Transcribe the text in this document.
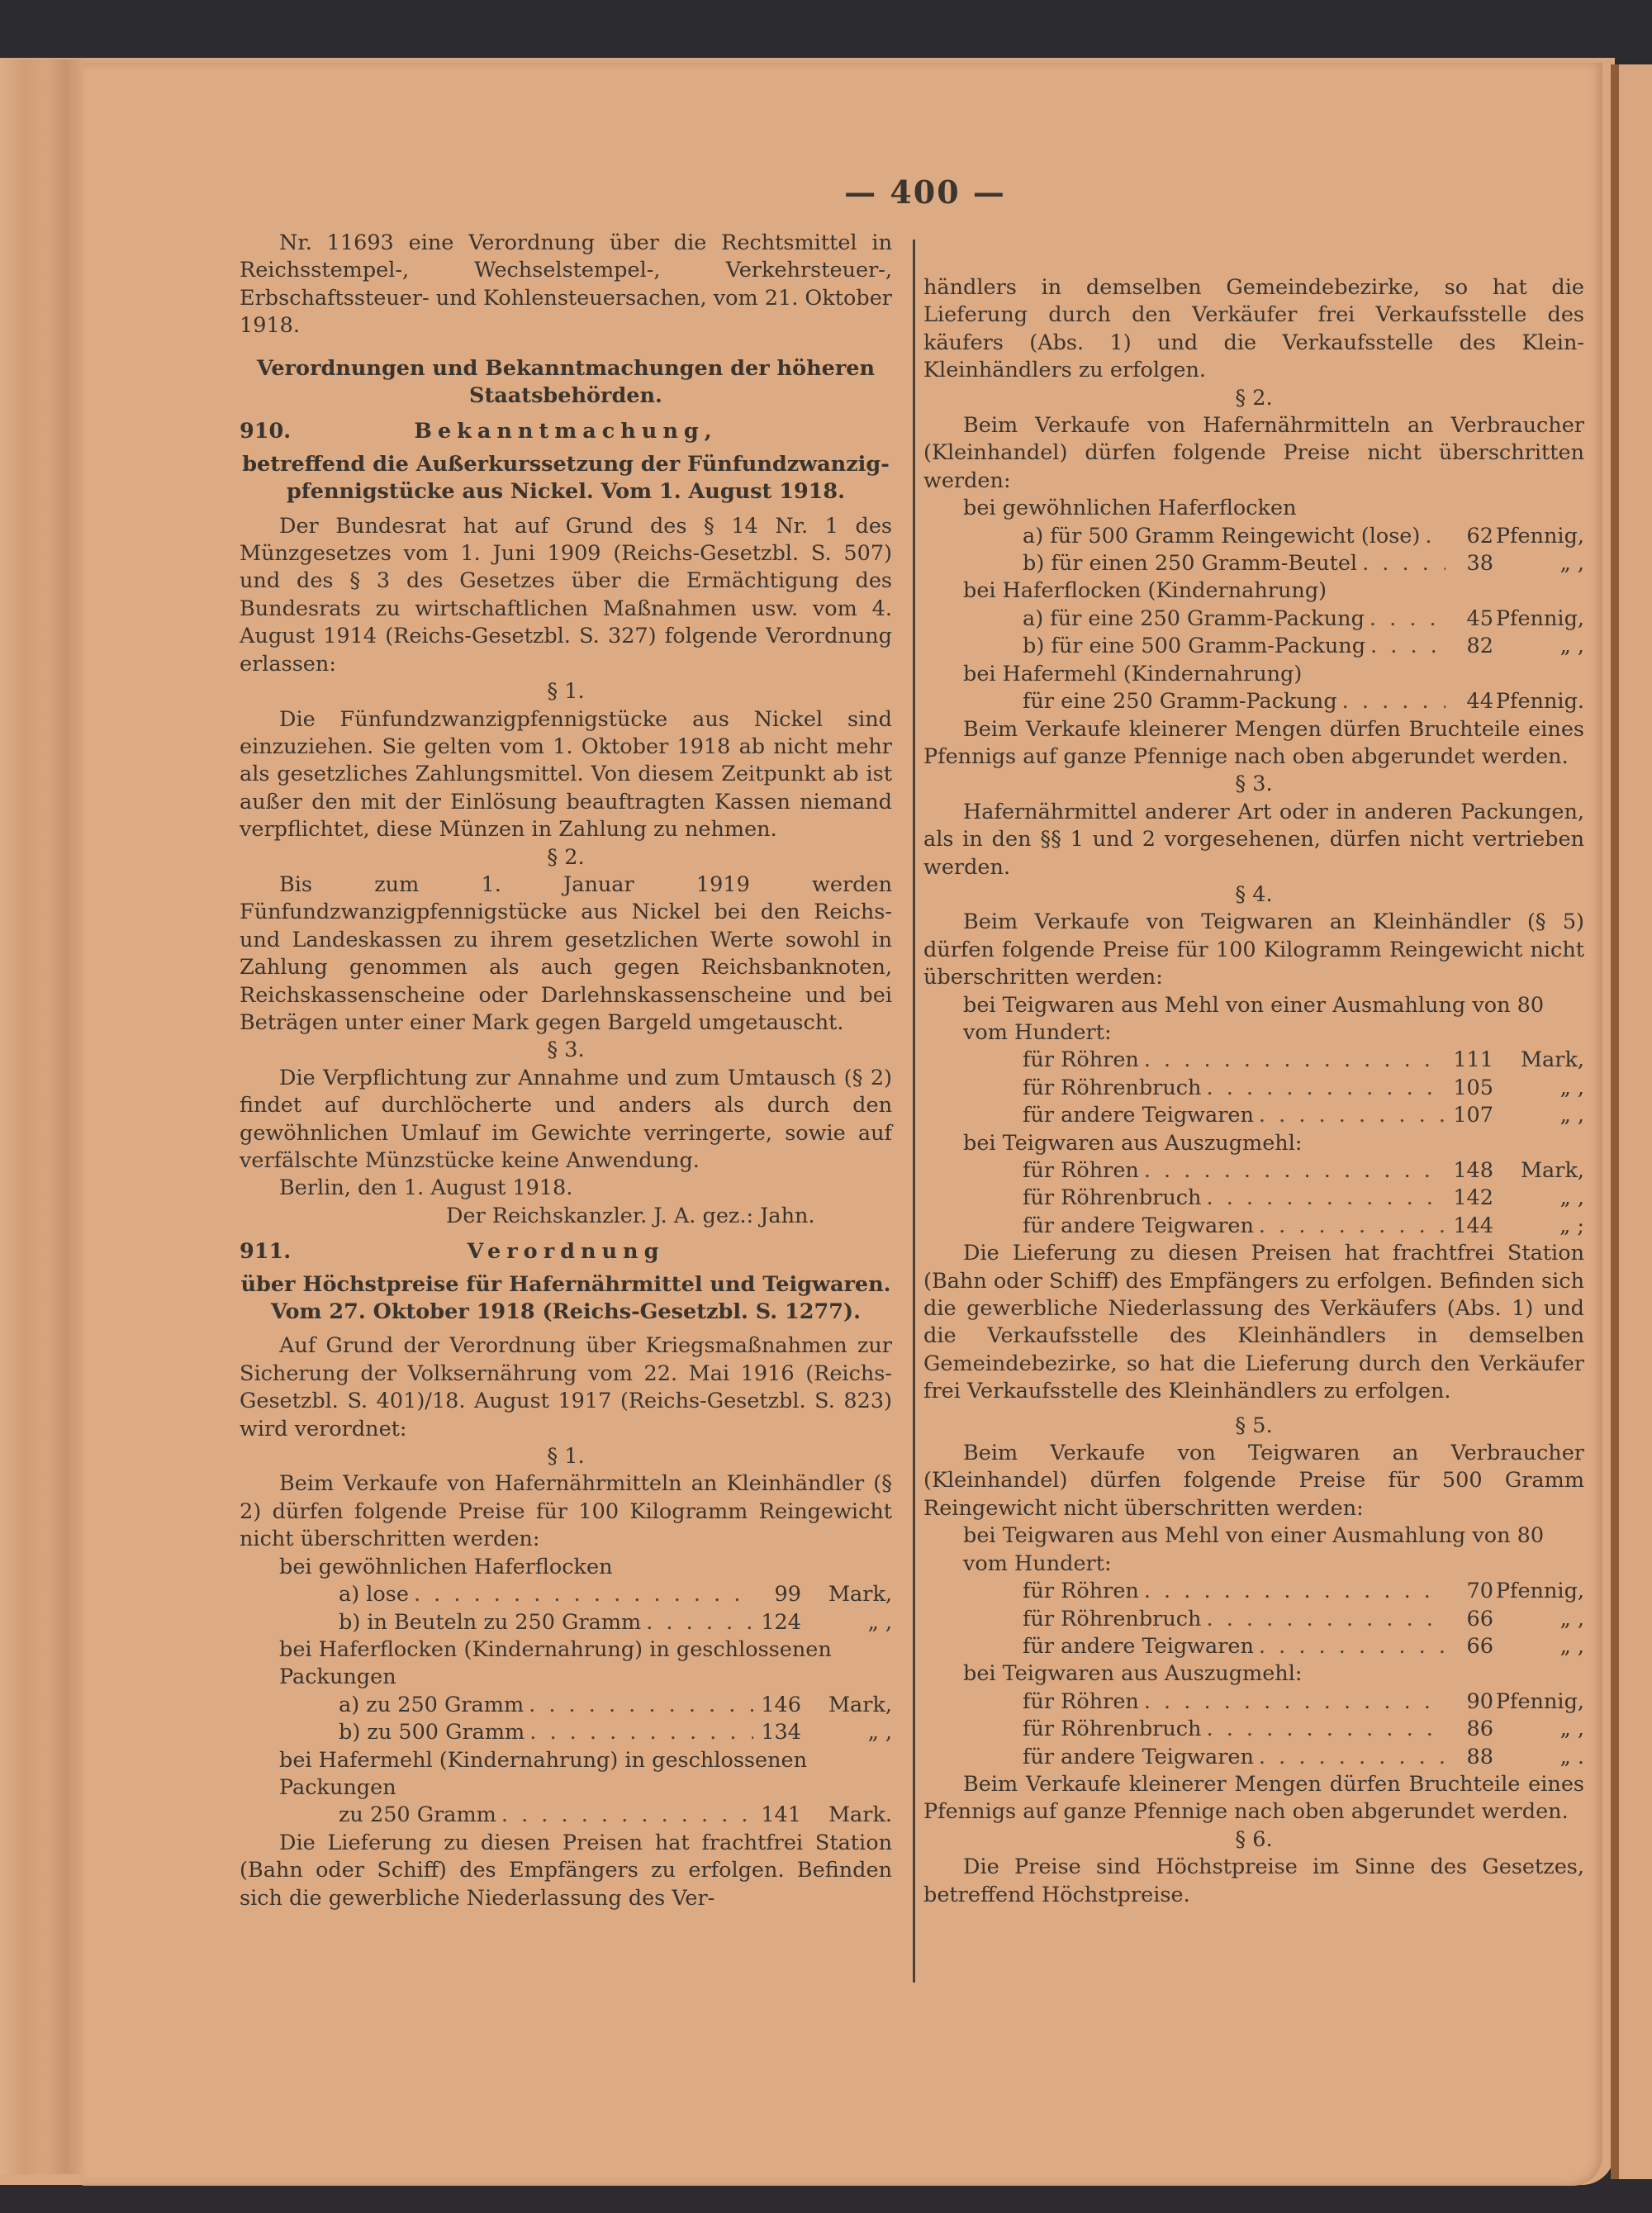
— 400 —

Nr. 11693 eine Verordnung über die Rechtsmittel in Reichsstempel-, Wechselstempel-, Verkehrsteuer-, Erbschaftssteuer- und Kohlensteuersachen, vom 21. Oktober 1918.

Verordnungen und Bekanntmachungen der höheren Staatsbehörden.

910.	Bekanntmachung,

betreffend die Außerkurssetzung der Fünfundzwanzig-

pfennigstücke aus Nickel. Vom 1. August 1918.

Der Bundesrat hat auf Grund des § 14 Nr. 1 des Münzgesetzes vom 1. Juni 1909 (Reichs-Gesetzbl. S. 507) und des § 3 des Gesetzes über die Ermächtigung des Bundesrats zu wirtschaftlichen Maßnahmen usw. vom 4. August 1914 (Reichs-Gesetzbl. S. 327) folgende Verordnung erlassen:

§ 1.

Die Fünfundzwanzigpfennigstücke aus Nickel sind einzuziehen. Sie gelten vom 1. Oktober 1918 ab nicht mehr als gesetzliches Zahlungsmittel. Von diesem Zeitpunkt ab ist außer den mit der Einlösung beauftragten Kassen niemand verpflichtet, diese Münzen in Zahlung zu nehmen.

§ 2.

Bis zum 1. Januar 1919 werden Fünfundzwanzigpfennigstücke aus Nickel bei den Reichs- und Landeskassen zu ihrem gesetzlichen Werte sowohl in Zahlung genommen als auch gegen Reichsbanknoten, Reichskassenscheine oder Darlehnskassenscheine und bei Beträgen unter einer Mark gegen Bargeld umgetauscht.

§ 3.

Die Verpflichtung zur Annahme und zum Umtausch (§ 2) findet auf durchlöcherte und anders als durch den gewöhnlichen Umlauf im Gewichte verringerte, sowie auf verfälschte Münzstücke keine Anwendung.

Berlin, den 1. August 1918.

Der Reichskanzler. J. A. gez.: Jahn.

911.	Verordnung

über Höchstpreise für Hafernährmittel und Teigwaren.

Vom 27. Oktober 1918 (Reichs-Gesetzbl. S. 1277).

Auf Grund der Verordnung über Kriegsmaßnahmen zur Sicherung der Volksernährung vom 22. Mai 1916 (Reichs-Gesetzbl. S. 401)/18. August 1917 (Reichs-Gesetzbl. S. 823) wird verordnet:

§ 1.

Beim Verkaufe von Hafernährmitteln an Kleinhändler (§ 2) dürfen folgende Preise für 100 Kilogramm Reingewicht nicht überschritten werden:

bei gewöhnlichen Haferflocken
a) lose . . .	99	Mark,
b) in Beuteln zu 250 Gramm . . .	124	„ ,
bei Haferflocken (Kindernahrung) in geschlossenen Packungen
a) zu 250 Gramm . . .	146	Mark,
b) zu 500 Gramm . . .	134	„ ,
bei Hafermehl (Kindernahrung) in geschlossenen Packungen
zu 250 Gramm . . .	141	Mark.

Die Lieferung zu diesen Preisen hat frachtfrei Station (Bahn oder Schiff) des Empfängers zu erfolgen. Befinden sich die gewerbliche Niederlassung des Ver-

händlers in demselben Gemeindebezirke, so hat die Lieferung durch den Verkäufer frei Verkaufsstelle des käufers (Abs. 1) und die Verkaufsstelle des Klein-Kleinhändlers zu erfolgen.

§ 2.

Beim Verkaufe von Hafernährmitteln an Verbraucher (Kleinhandel) dürfen folgende Preise nicht überschritten werden:

bei gewöhnlichen Haferflocken
a) für 500 Gramm Reingewicht (lose) . . .	62 Pfennig,
b) für einen 250 Gramm-Beutel . . .	38	„ ,
bei Haferflocken (Kindernahrung)
a) für eine 250 Gramm-Packung . . .	45 Pfennig,
b) für eine 500 Gramm-Packung . . .	82	„ ,
bei Hafermehl (Kindernahrung)
für eine 250 Gramm-Packung . . .	44 Pfennig.

Beim Verkaufe kleinerer Mengen dürfen Bruchteile eines Pfennigs auf ganze Pfennige nach oben abgerundet werden.

§ 3.

Hafernährmittel anderer Art oder in anderen Packungen, als in den §§ 1 und 2 vorgesehenen, dürfen nicht vertrieben werden.

§ 4.

Beim Verkaufe von Teigwaren an Kleinhändler (§ 5) dürfen folgende Preise für 100 Kilogramm Reingewicht nicht überschritten werden:

bei Teigwaren aus Mehl von einer Ausmahlung von 80 vom Hundert:
für Röhren . . .	111	Mark,
für Röhrenbruch . . .	105	„ ,
für andere Teigwaren . . .	107	„ ,
bei Teigwaren aus Auszugmehl:
für Röhren . . .	148	Mark,
für Röhrenbruch . . .	142	„ ,
für andere Teigwaren . . .	144	„ ;

Die Lieferung zu diesen Preisen hat frachtfrei Station (Bahn oder Schiff) des Empfängers zu erfolgen. Befinden sich die gewerbliche Niederlassung des Verkäufers (Abs. 1) und die Verkaufsstelle des Kleinhändlers in demselben Gemeindebezirke, so hat die Lieferung durch den Verkäufer frei Verkaufsstelle des Kleinhändlers zu erfolgen.

§ 5.

Beim Verkaufe von Teigwaren an Verbraucher (Kleinhandel) dürfen folgende Preise für 500 Gramm Reingewicht nicht überschritten werden:

bei Teigwaren aus Mehl von einer Ausmahlung von 80 vom Hundert:
für Röhren . . .	70 Pfennig,
für Röhrenbruch . . .	66	„ ,
für andere Teigwaren . . .	66	„ ,
bei Teigwaren aus Auszugmehl:
für Röhren . . .	90 Pfennig,
für Röhrenbruch . . .	86	„ ,
für andere Teigwaren . . .	88	„ .

Beim Verkaufe kleinerer Mengen dürfen Bruchteile eines Pfennigs auf ganze Pfennige nach oben abgerundet werden.

§ 6.

Die Preise sind Höchstpreise im Sinne des Gesetzes, betreffend Höchstpreise.
